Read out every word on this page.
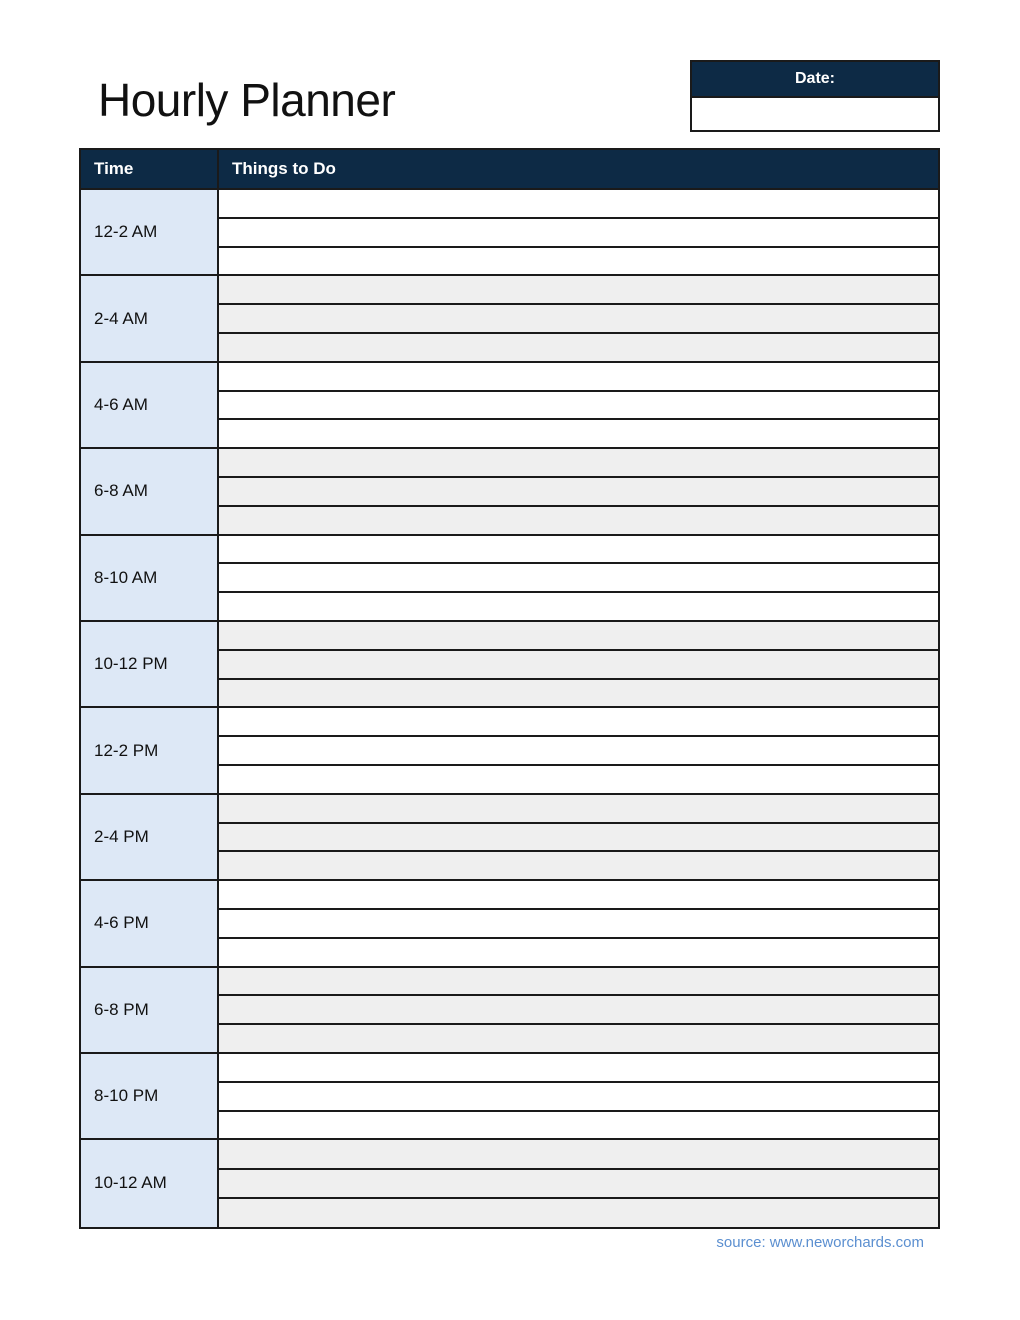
Hourly Planner	Date:
Time	Things to Do
12-2 AM
2-4 AM
4-6 AM
6-8 AM
8-10 AM
10-12 PM
12-2 PM
2-4 PM
4-6 PM
6-8 PM
8-10 PM
10-12 AM
source: www.neworchards.com
